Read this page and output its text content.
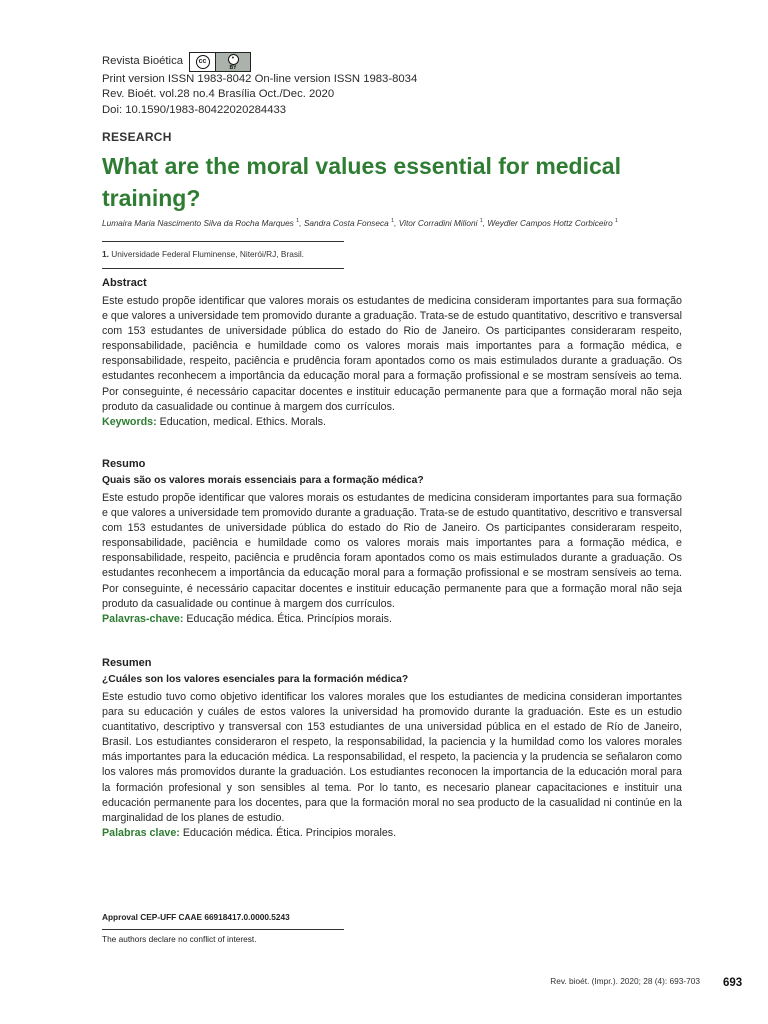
Revista Bioética	cc	•
BY
Print version ISSN 1983-8042 On-line version ISSN 1983-8034
Rev. Bioét. vol.28 no.4 Brasília Oct./Dec. 2020
Doi: 10.1590/1983-80422020284433
RESEARCH
What are the moral values essential for medical training?
Lumaira Maria Nascimento Silva da Rocha Marques $^1$, Sandra Costa Fonseca $^1$, Vitor Corradini Milioni $^1$, Weydler Campos Hottz Corbiceiro $^1$
1. Universidade Federal Fluminense, Niterói/RJ, Brasil.
Abstract

Este estudo propõe identificar que valores morais os estudantes de medicina consideram importantes para sua formação e que valores a universidade tem promovido durante a graduação. Trata-se de estudo quantitativo, descritivo e transversal com 153 estudantes de universidade pública do estado do Rio de Janeiro. Os participantes consideraram respeito, responsabilidade, paciência e humildade como os valores morais mais importantes para a formação médica, e responsabilidade, respeito, paciência e prudência foram apontados como os mais estimulados durante a graduação. Os estudantes reconhecem a importância da educação moral para a formação profissional e se mostram sensíveis ao tema. Por conseguinte, é necessário capacitar docentes e instituir educação permanente para que a formação moral não seja produto da casualidade ou continue à margem dos currículos.

Keywords: Education, medical. Ethics. Morals.
Resumo
Quais são os valores morais essenciais para a formação médica?

Este estudo propõe identificar que valores morais os estudantes de medicina consideram importantes para sua formação e que valores a universidade tem promovido durante a graduação. Trata-se de estudo quantitativo, descritivo e transversal com 153 estudantes de universidade pública do estado do Rio de Janeiro. Os participantes consideraram respeito, responsabilidade, paciência e humildade como os valores morais mais importantes para a formação médica, e responsabilidade, respeito, paciência e prudência foram apontados como os mais estimulados durante a graduação. Os estudantes reconhecem a importância da educação moral para a formação profissional e se mostram sensíveis ao tema. Por conseguinte, é necessário capacitar docentes e instituir educação permanente para que a formação moral não seja produto da casualidade ou continue à margem dos currículos.

Palavras-chave: Educação médica. Ética. Princípios morais.
Resumen
¿Cuáles son los valores esenciales para la formación médica?

Este estudio tuvo como objetivo identificar los valores morales que los estudiantes de medicina consideran importantes para su educación y cuáles de estos valores la universidad ha promovido durante la graduación. Este es un estudio cuantitativo, descriptivo y transversal con 153 estudiantes de una universidad pública en el estado de Río de Janeiro, Brasil. Los estudiantes consideraron el respeto, la responsabilidad, la paciencia y la humildad como los valores morales más importantes para la educación médica. La responsabilidad, el respeto, la paciencia y la prudencia se señalaron como los valores más promovidos durante la graduación. Los estudiantes reconocen la importancia de la educación moral para la formación profesional y son sensibles al tema. Por lo tanto, es necesario planear capacitaciones e instituir una educación permanente para los docentes, para que la formación moral no sea producto de la casualidad ni continúe en la marginalidad de los planes de estudio.

Palabras clave: Educación médica. Ética. Principios morales.
Approval CEP-UFF CAAE 66918417.0.0000.5243
The authors declare no conflict of interest.
Rev. bioét. (Impr.). 2020; 28 (4): 693-703 693
